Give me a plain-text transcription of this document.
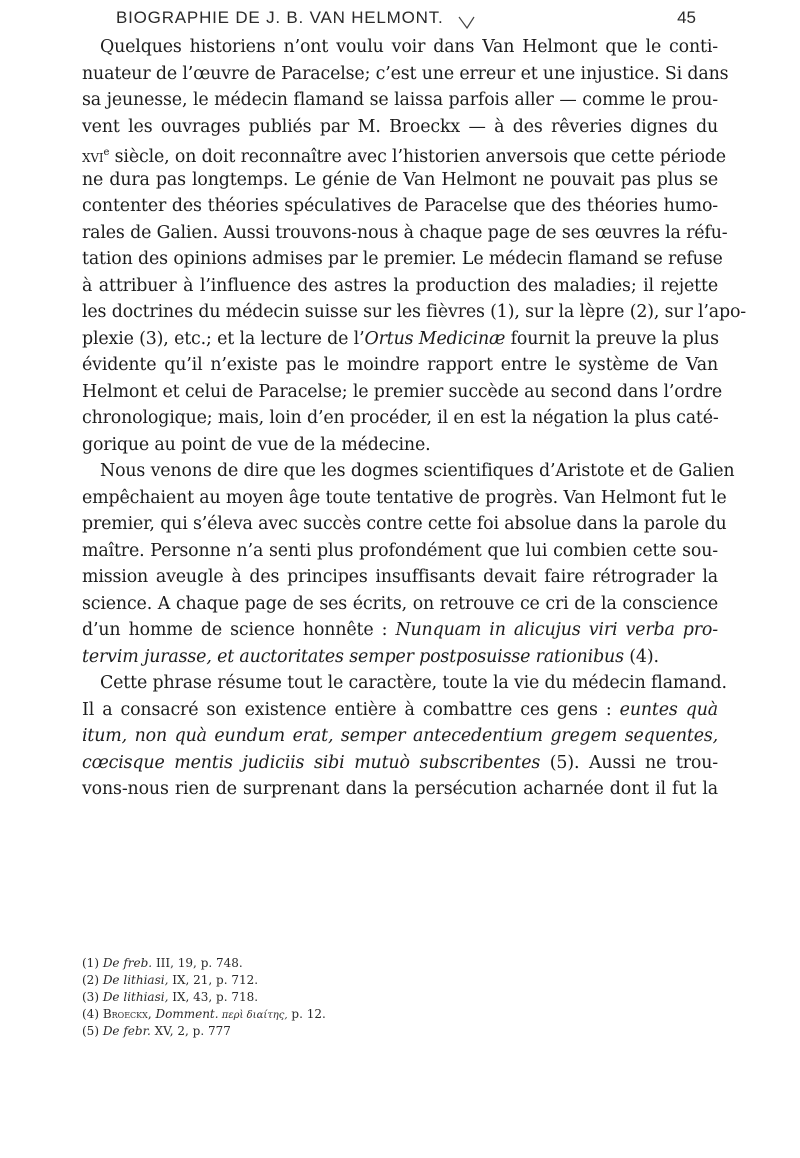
BIOGRAPHIE DE J. B. VAN HELMONT.	45
Quelques historiens n’ont voulu voir dans Van Helmont que le conti-
nuateur de l’œuvre de Paracelse; c’est une erreur et une injustice. Si dans
sa jeunesse, le médecin flamand se laissa parfois aller — comme le prou-
vent les ouvrages publiés par M. Broeckx — à des rêveries dignes du
xvi$^e$ siècle, on doit reconnaître avec l’historien anversois que cette période
ne dura pas longtemps. Le génie de Van Helmont ne pouvait pas plus se
contenter des théories spéculatives de Paracelse que des théories humo-
rales de Galien. Aussi trouvons-nous à chaque page de ses œuvres la réfu-
tation des opinions admises par le premier. Le médecin flamand se refuse
à attribuer à l’influence des astres la production des maladies; il rejette
les doctrines du médecin suisse sur les fièvres (1), sur la lèpre (2), sur l’apo-
plexie (3), etc.; et la lecture de l’Ortus Medicinæ fournit la preuve la plus
évidente qu’il n’existe pas le moindre rapport entre le système de Van
Helmont et celui de Paracelse; le premier succède au second dans l’ordre
chronologique; mais, loin d’en procéder, il en est la négation la plus caté-
gorique au point de vue de la médecine.
Nous venons de dire que les dogmes scientifiques d’Aristote et de Galien
empêchaient au moyen âge toute tentative de progrès. Van Helmont fut le
premier, qui s’éleva avec succès contre cette foi absolue dans la parole du
maître. Personne n’a senti plus profondément que lui combien cette sou-
mission aveugle à des principes insuffisants devait faire rétrograder la
science. A chaque page de ses écrits, on retrouve ce cri de la conscience
d’un homme de science honnête : Nunquam in alicujus viri verba pro-
tervim jurasse, et auctoritates semper postposuisse rationibus (4).
Cette phrase résume tout le caractère, toute la vie du médecin flamand.
Il a consacré son existence entière à combattre ces gens : euntes quà
itum, non quà eundum erat, semper antecedentium gregem sequentes,
cœcisque mentis judiciis sibi mutuò subscribentes (5). Aussi ne trou-
vons-nous rien de surprenant dans la persécution acharnée dont il fut la
(1) De freb. III, 19, p. 748.
(2) De lithiasi, IX, 21, p. 712.
(3) De lithiasi, IX, 43, p. 718.
(4) Broeckx, Domment. περὶ διαίτης, p. 12.
(5) De febr. XV, 2, p. 777
